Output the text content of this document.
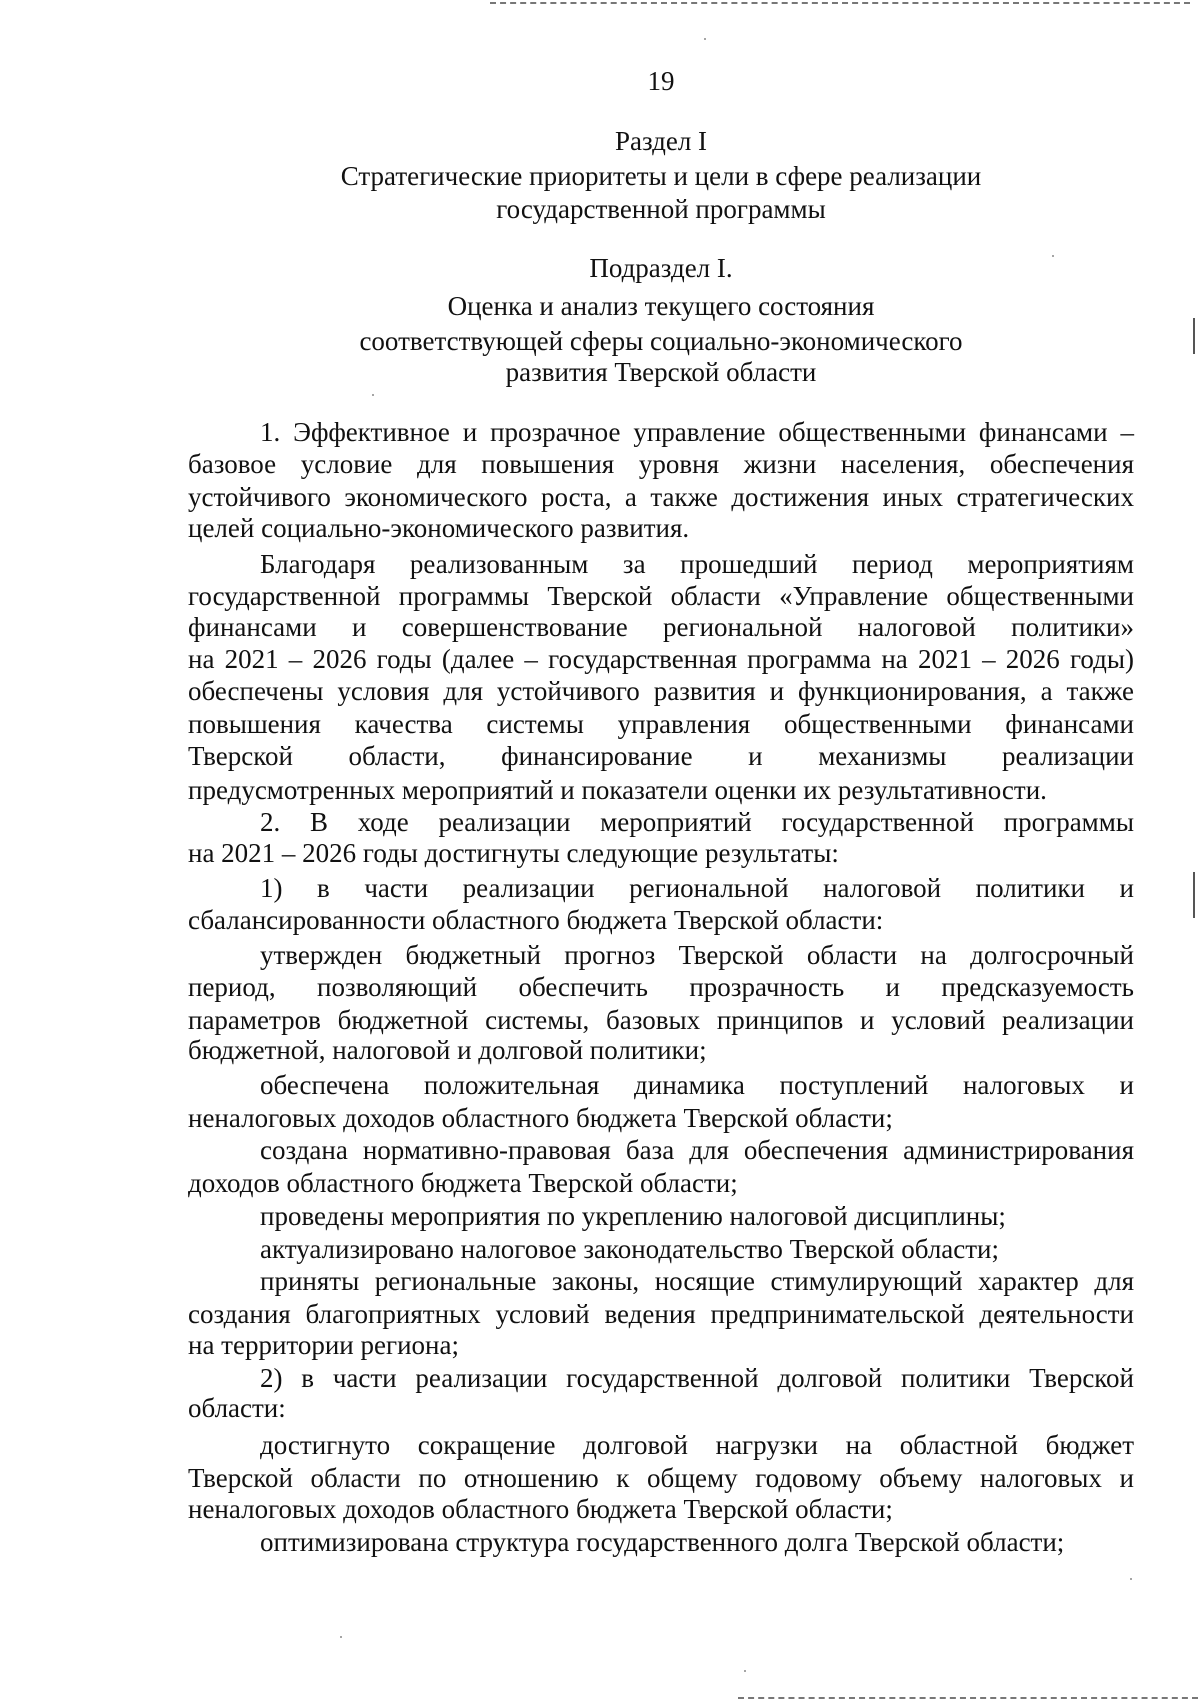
19
Раздел I
Стратегические приоритеты и цели в сфере реализации
государственной программы
Подраздел I.
Оценка и анализ текущего состояния
соответствующей сферы социально-экономического
развития Тверской области
1. Эффективное и прозрачное управление общественными финансами –
базовое условие для повышения уровня жизни населения, обеспечения
устойчивого экономического роста, а также достижения иных стратегических
целей социально-экономического развития.
Благодаря реализованным за прошедший период мероприятиям
государственной программы Тверской области «Управление общественными
финансами и совершенствование региональной налоговой политики»
на 2021 – 2026 годы (далее – государственная программа на 2021 – 2026 годы)
обеспечены условия для устойчивого развития и функционирования, а также
повышения качества системы управления общественными финансами
Тверской области, финансирование и механизмы реализации
предусмотренных мероприятий и показатели оценки их результативности.
2. В ходе реализации мероприятий государственной программы
на 2021 – 2026 годы достигнуты следующие результаты:
1) в части реализации региональной налоговой политики и
сбалансированности областного бюджета Тверской области:
утвержден бюджетный прогноз Тверской области на долгосрочный
период, позволяющий обеспечить прозрачность и предсказуемость
параметров бюджетной системы, базовых принципов и условий реализации
бюджетной, налоговой и долговой политики;
обеспечена положительная динамика поступлений налоговых и
неналоговых доходов областного бюджета Тверской области;
создана нормативно-правовая база для обеспечения администрирования
доходов областного бюджета Тверской области;
проведены мероприятия по укреплению налоговой дисциплины;
актуализировано налоговое законодательство Тверской области;
приняты региональные законы, носящие стимулирующий характер для
создания благоприятных условий ведения предпринимательской деятельности
на территории региона;
2) в части реализации государственной долговой политики Тверской
области:
достигнуто сокращение долговой нагрузки на областной бюджет
Тверской области по отношению к общему годовому объему налоговых и
неналоговых доходов областного бюджета Тверской области;
оптимизирована структура государственного долга Тверской области;
